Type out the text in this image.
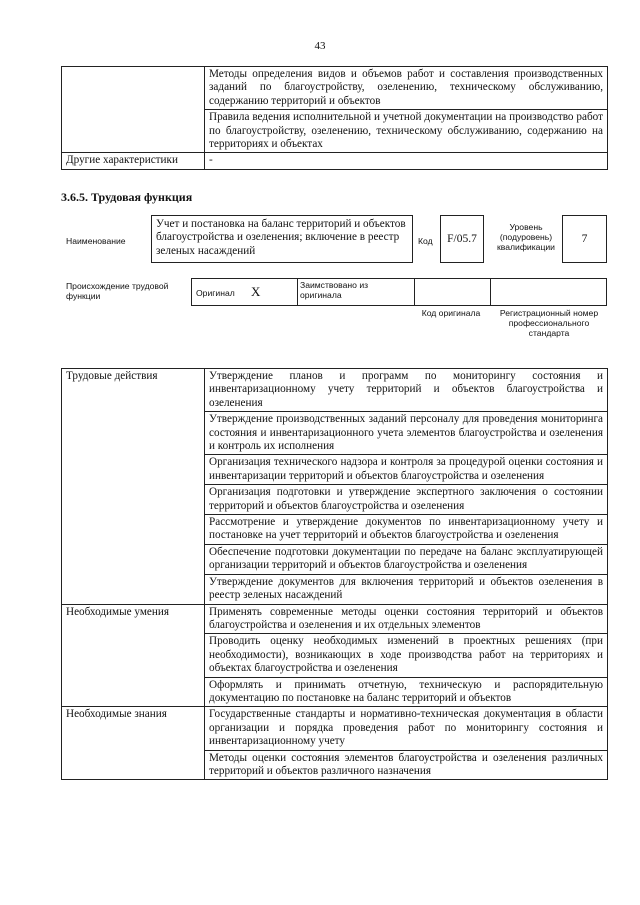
43
	Методы определения видов и объемов работ и составления производственных заданий по благоустройству, озеленению, техническому обслуживанию, содержанию территорий и объектов
	Правила ведения исполнительной и учетной документации на производство работ по благоустройству, озеленению, техническому обслуживанию, содержанию на территориях и объектах
Другие характеристики	-
3.6.5. Трудовая функция
Наименование
Учет и постановка на баланс территорий и объектов благоустройства и озеленения; включение в реестр зеленых насаждений
Код	F/05.7
Уровень (подуровень) квалификации
7
Происхождение трудовой функции	Оригинал X	Заимствовано из оригинала
Код оригинала	Регистрационный номер профессионального стандарта
Трудовые действия	Утверждение планов и программ по мониторингу состояния и инвентаризационному учету территорий и объектов благоустройства и озеленения
	Утверждение производственных заданий персоналу для проведения мониторинга состояния и инвентаризационного учета элементов благоустройства и озеленения и контроль их исполнения
	Организация технического надзора и контроля за процедурой оценки состояния и инвентаризации территорий и объектов благоустройства и озеленения
	Организация подготовки и утверждение экспертного заключения о состоянии территорий и объектов благоустройства и озеленения
	Рассмотрение и утверждение документов по инвентаризационному учету и постановке на учет территорий и объектов благоустройства и озеленения
	Обеспечение подготовки документации по передаче на баланс эксплуатирующей организации территорий и объектов благоустройства и озеленения
	Утверждение документов для включения территорий и объектов озеленения в реестр зеленых насаждений
Необходимые умения	Применять современные методы оценки состояния территорий и объектов благоустройства и озеленения и их отдельных элементов
	Проводить оценку необходимых изменений в проектных решениях (при необходимости), возникающих в ходе производства работ на территориях и объектах благоустройства и озеленения
	Оформлять и принимать отчетную, техническую и распорядительную документацию по постановке на баланс территорий и объектов
Необходимые знания	Государственные стандарты и нормативно-техническая документация в области организации и порядка проведения работ по мониторингу состояния и инвентаризационному учету
	Методы оценки состояния элементов благоустройства и озеленения различных территорий и объектов различного назначения
